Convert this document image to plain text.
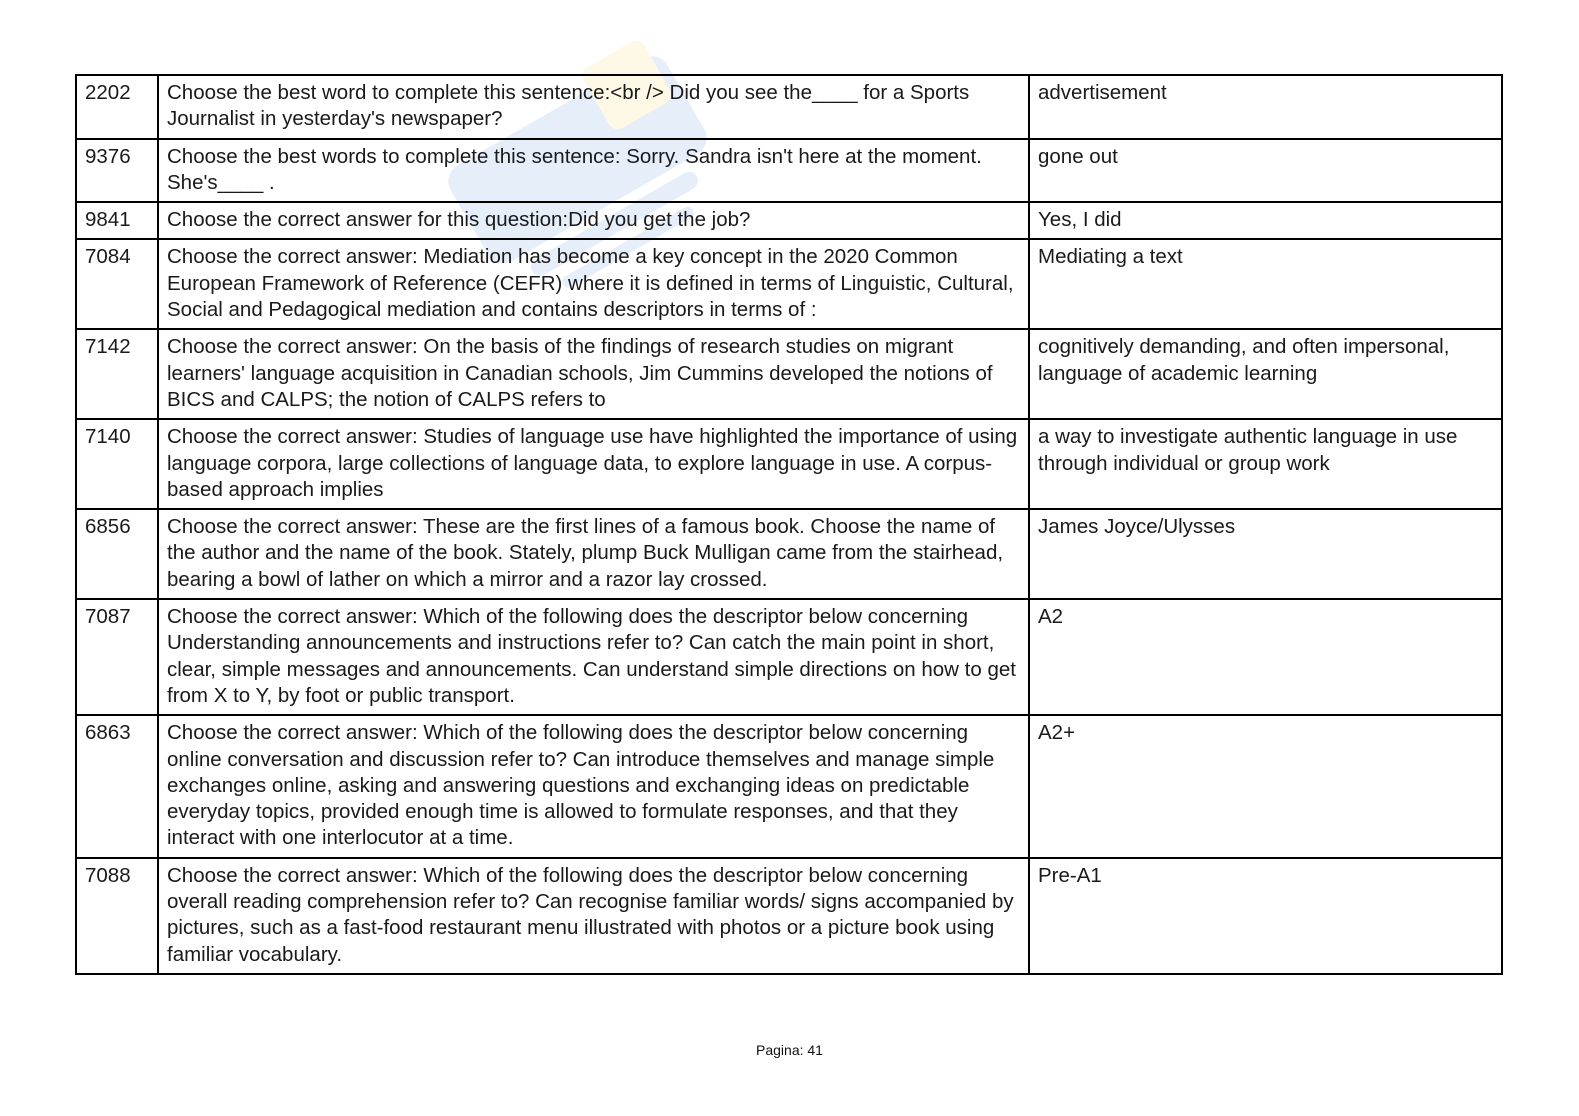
2202	Choose the best word to complete this sentence:<br /> Did you see the____ for a Sports Journalist in yesterday's newspaper?	advertisement
9376	Choose the best words to complete this sentence: Sorry. Sandra isn't here at the moment. She's____ .	gone out
9841	Choose the correct answer for this question:Did you get the job?	Yes, I did
7084	Choose the correct answer: Mediation has become a key concept in the 2020 Common European Framework of Reference (CEFR) where it is defined in terms of Linguistic, Cultural, Social and Pedagogical mediation and contains descriptors in terms of :	Mediating a text
7142	Choose the correct answer: On the basis of the findings of research studies on migrant learners' language acquisition in Canadian schools, Jim Cummins developed the notions of BICS and CALPS; the notion of CALPS refers to	cognitively demanding, and often impersonal, language of academic learning
7140	Choose the correct answer: Studies of language use have highlighted the importance of using language corpora, large collections of language data, to explore language in use. A corpus- based approach implies	a way to investigate authentic language in use through individual or group work
6856	Choose the correct answer: These are the first lines of a famous book. Choose the name of the author and the name of the book. Stately, plump Buck Mulligan came from the stairhead, bearing a bowl of lather on which a mirror and a razor lay crossed.	James Joyce/Ulysses
7087	Choose the correct answer: Which of the following does the descriptor below concerning Understanding announcements and instructions refer to? Can catch the main point in short, clear, simple messages and announcements. Can understand simple directions on how to get from X to Y, by foot or public transport.	A2
6863	Choose the correct answer: Which of the following does the descriptor below concerning online conversation and discussion refer to? Can introduce themselves and manage simple exchanges online, asking and answering questions and exchanging ideas on predictable everyday topics, provided enough time is allowed to formulate responses, and that they interact with one interlocutor at a time.	A2+
7088	Choose the correct answer: Which of the following does the descriptor below concerning overall reading comprehension refer to? Can recognise familiar words/ signs accompanied by pictures, such as a fast-food restaurant menu illustrated with photos or a picture book using familiar vocabulary.	Pre-A1
Pagina: 41
